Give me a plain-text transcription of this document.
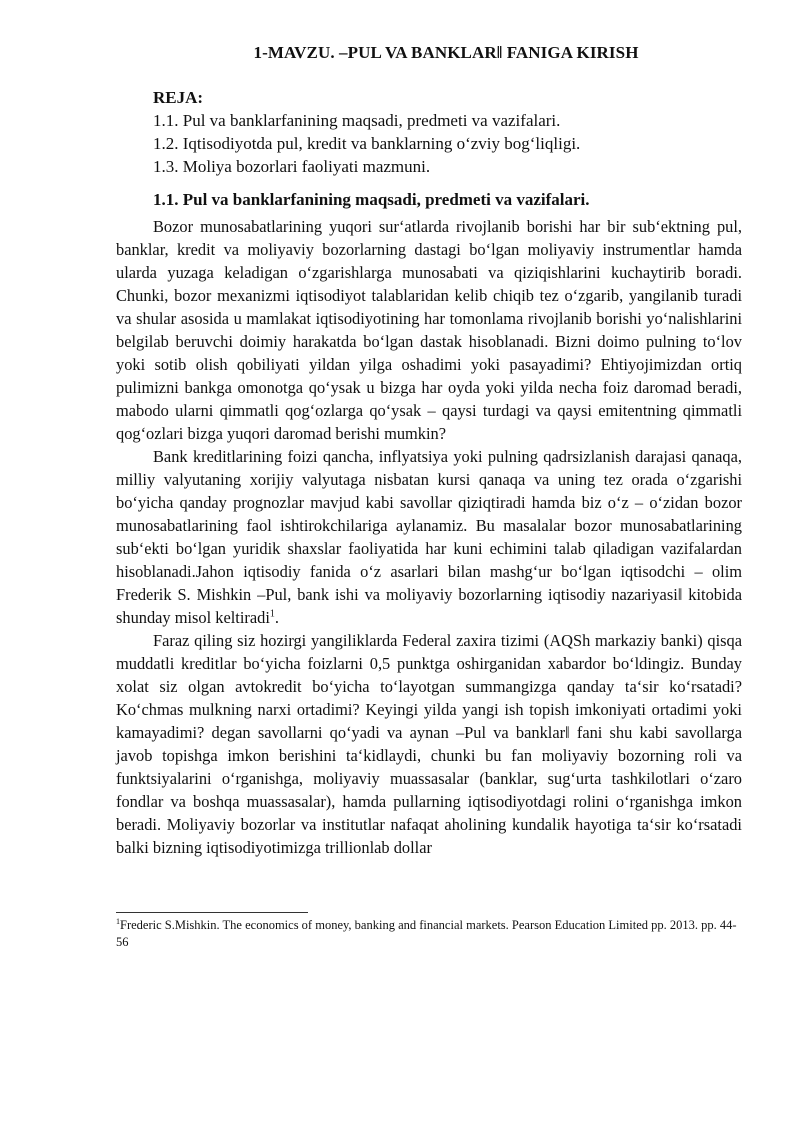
1-MAVZU. –PUL VA BANKLAR‖ FANIGA KIRISH
REJA:
1.1. Pul va banklarfanining maqsadi, predmeti va vazifalari.
1.2. Iqtisodiyotda pul, kredit va banklarning o‘zviy bog‘liqligi.
1.3. Moliya bozorlari faoliyati mazmuni.
1.1. Pul va banklarfanining maqsadi, predmeti va vazifalari.

Bozor munosabatlarining yuqori sur‘atlarda rivojlanib borishi har bir sub‘ektning pul, banklar, kredit va moliyaviy bozorlarning dastagi bo‘lgan moliyaviy instrumentlar hamda ularda yuzaga keladigan o‘zgarishlarga munosabati va qiziqishlarini kuchaytirib boradi. Chunki, bozor mexanizmi iqtisodiyot talablaridan kelib chiqib tez o‘zgarib, yangilanib turadi va shular asosida u mamlakat iqtisodiyotining har tomonlama rivojlanib borishi yo‘nalishlarini belgilab beruvchi doimiy harakatda bo‘lgan dastak hisoblanadi. Bizni doimo pulning to‘lov yoki sotib olish qobiliyati yildan yilga oshadimi yoki pasayadimi? Ehtiyojimizdan ortiq pulimizni bankga omonotga qo‘ysak u bizga har oyda yoki yilda necha foiz daromad beradi, mabodo ularni qimmatli qog‘ozlarga qo‘ysak – qaysi turdagi va qaysi emitentning qimmatli qog‘ozlari bizga yuqori daromad berishi mumkin?

Bank kreditlarining foizi qancha, inflyatsiya yoki pulning qadrsizlanish darajasi qanaqa, milliy valyutaning xorijiy valyutaga nisbatan kursi qanaqa va uning tez orada o‘zgarishi bo‘yicha qanday prognozlar mavjud kabi savollar qiziqtiradi hamda biz o‘z – o‘zidan bozor munosabatlarining faol ishtirokchilariga aylanamiz. Bu masalalar bozor munosabatlarining sub‘ekti bo‘lgan yuridik shaxslar faoliyatida har kuni echimini talab qiladigan vazifalardan hisoblanadi.Jahon iqtisodiy fanida o‘z asarlari bilan mashg‘ur bo‘lgan iqtisodchi – olim Frederik S. Mishkin –Pul, bank ishi va moliyaviy bozorlarning iqtisodiy nazariyasi‖ kitobida shunday misol keltiradi$^1$.

Faraz qiling siz hozirgi yangiliklarda Federal zaxira tizimi (AQSh markaziy banki) qisqa muddatli kreditlar bo‘yicha foizlarni 0,5 punktga oshirganidan xabardor bo‘ldingiz. Bunday xolat siz olgan avtokredit bo‘yicha to‘layotgan summangizga qanday ta‘sir ko‘rsatadi? Ko‘chmas mulkning narxi ortadimi? Keyingi yilda yangi ish topish imkoniyati ortadimi yoki kamayadimi? degan savollarni qo‘yadi va aynan –Pul va banklar‖ fani shu kabi savollarga javob topishga imkon berishini ta‘kidlaydi, chunki bu fan moliyaviy bozorning roli va funktsiyalarini o‘rganishga, moliyaviy muassasalar (banklar, sug‘urta tashkilotlari o‘zaro fondlar va boshqa muassasalar), hamda pullarning iqtisodiyotdagi rolini o‘rganishga imkon beradi. Moliyaviy bozorlar va institutlar nafaqat aholining kundalik hayotiga ta‘sir ko‘rsatadi balki bizning iqtisodiyotimizga trillionlab dollar

$^1$Frederic S.Mishkin. The economics of money, banking and financial markets. Pearson Education Limited pp. 2013. pp. 44-56
